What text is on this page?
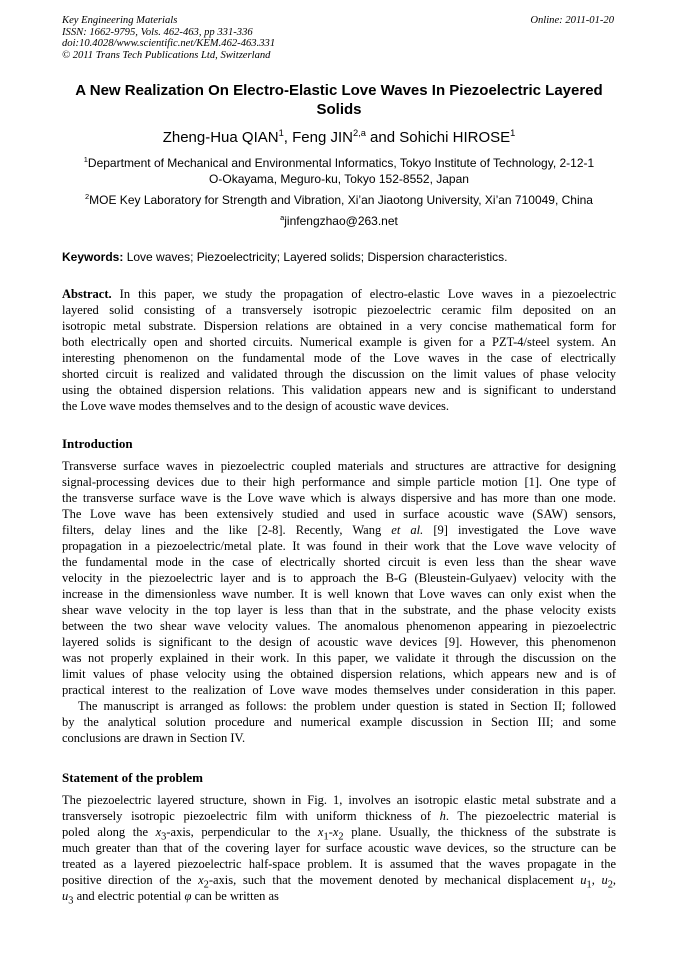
Key Engineering Materials
ISSN: 1662-9795, Vols. 462-463, pp 331-336
doi:10.4028/www.scientific.net/KEM.462-463.331
© 2011 Trans Tech Publications Ltd, Switzerland
Online: 2011-01-20
A New Realization On Electro-Elastic Love Waves In Piezoelectric Layered Solids
Zheng-Hua QIAN$^1$, Feng JIN$^{2,a}$ and Sohichi HIROSE$^1$
$^1$Department of Mechanical and Environmental Informatics, Tokyo Institute of Technology, 2-12-1
O-Okayama, Meguro-ku, Tokyo 152-8552, Japan
$^2$MOE Key Laboratory for Strength and Vibration, Xi’an Jiaotong University, Xi’an 710049, China
$^a$jinfengzhao@263.net
Keywords: Love waves; Piezoelectricity; Layered solids; Dispersion characteristics.
Abstract. In this paper, we study the propagation of electro-elastic Love waves in a piezoelectric
layered solid consisting of a transversely isotropic piezoelectric ceramic film deposited on an
isotropic metal substrate. Dispersion relations are obtained in a very concise mathematical form for
both electrically open and shorted circuits. Numerical example is given for a PZT-4/steel system. An
interesting phenomenon on the fundamental mode of the Love waves in the case of electrically
shorted circuit is realized and validated through the discussion on the limit values of phase velocity
using the obtained dispersion relations. This validation appears new and is significant to understand
the Love wave modes themselves and to the design of acoustic wave devices.
Introduction
Transverse surface waves in piezoelectric coupled materials and structures are attractive for designing
signal-processing devices due to their high performance and simple particle motion [1]. One type of
the transverse surface wave is the Love wave which is always dispersive and has more than one mode.
The Love wave has been extensively studied and used in surface acoustic wave (SAW) sensors,
filters, delay lines and the like [2-8]. Recently, Wang et al. [9] investigated the Love wave
propagation in a piezoelectric/metal plate. It was found in their work that the Love wave velocity of
the fundamental mode in the case of electrically shorted circuit is even less than the shear wave
velocity in the piezoelectric layer and is to approach the B-G (Bleustein-Gulyaev) velocity with the
increase in the dimensionless wave number. It is well known that Love waves can only exist when the
shear wave velocity in the top layer is less than that in the substrate, and the phase velocity exists
between the two shear wave velocity values. The anomalous phenomenon appearing in piezoelectric
layered solids is significant to the design of acoustic wave devices [9]. However, this phenomenon
was not properly explained in their work. In this paper, we validate it through the discussion on the
limit values of phase velocity using the obtained dispersion relations, which appears new and is of
practical interest to the realization of Love wave modes themselves under consideration in this paper.
The manuscript is arranged as follows: the problem under question is stated in Section II; followed
by the analytical solution procedure and numerical example discussion in Section III; and some
conclusions are drawn in Section IV.
Statement of the problem
The piezoelectric layered structure, shown in Fig. 1, involves an isotropic elastic metal substrate and a
transversely isotropic piezoelectric film with uniform thickness of h. The piezoelectric material is
poled along the $x_3$-axis, perpendicular to the $x_1-x_2$ plane. Usually, the thickness of the substrate is
much greater than that of the covering layer for surface acoustic wave devices, so the structure can be
treated as a layered piezoelectric half-space problem. It is assumed that the waves propagate in the
positive direction of the $x_2$-axis, such that the movement denoted by mechanical displacement $u_1$, $u_2$,
$u_3$ and electric potential φ can be written as
